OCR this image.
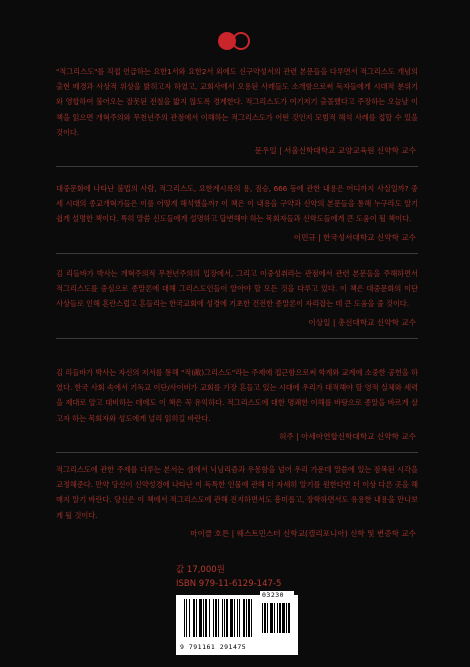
"적그리스도"를 직접 언급하는 요한1서와 요한2서 외에도 신구약성서의 관련 본문들을 다루면서 적그리스도 개념의 출현 배경과 사상적 위상을 밝히고자 하였고, 교회사에서 오용된 사례들도 소개함으로써 독자들에게 시대적 분위기와 영합하여 불어오는 잘못된 전철을 밟지 않도록 경계한다. 적그리스도가 여기저기 출몰했다고 주장하는 오늘날 이 책을 읽으면 개혁주의와 무천년주의 관점에서 이해하는 적그리스도가 어떤 것인지 모범적 해석 사례를 접할 수 있을 것이다.

문우일 | 서울신학대학교 교양교육원 신약학 교수

대중문화에 나타난 불법의 사람, 적그리스도, 요한계시록의 용, 짐승, 666 등에 관한 내용은 어디까지 사실일까? 중세 시대의 종교개혁가들은 이를 어떻게 해석했을까? 이 책은 이 내용을 구약과 신약의 본문들을 통해 누구라도 알기 쉽게 설명한 책이다. 특히 말씀 신도들에게 설명하고 답변해야 하는 목회자들과 신학도들에게 큰 도움이 될 책이다.

이민규 | 한국성서대학교 신약학 교수

김 리들바가 박사는 개혁주의적 무천년주의의 입장에서, 그리고 이중성취라는 관점에서 관련 본문들을 주해하면서 적그리스도를 중심으로 종말론에 대해 그리스도인들이 알아야 할 모든 것을 다루고 있다. 이 책은 대중문화의 이단 사상들로 인해 혼란스럽고 흔들리는 한국교회에 성경에 기초한 건전한 종말론이 자리잡는 데 큰 도움을 줄 것이다.

이상일 | 총신대학교 신약학 교수

김 리들바가 박사는 자신의 저서를 통해 "적(敵)그리스도"라는 주제에 접근함으로써 학계와 교계에 소중한 공헌을 하였다. 한국 사회 속에서 기독교 이단/사이비가 교회를 가장 흔들고 있는 시대에 우리가 대적해야 할 영적 실체와 세력을 제대로 알고 대비하는 데에도 이 책은 꼭 유익하다. 적그리스도에 대한 명쾌한 이해를 바탕으로 종말을 바르게 살고자 하는 목회자와 성도에게 널리 읽히길 바란다.

허주 | 아세아연합신학대학교 신약학 교수

적그리스도에 관한 주제를 다루는 본서는 셈에서 닉님리즘과 우몽함을 넘어 우리 가운데 말씀에 있는 잠복된 시각을 교정해준다. 만약 당신이 신약성경에 나타난 이 독특한 인물에 관해 더 자세히 알기를 원한다면 더 이상 다른 곳을 해매지 말기 바란다. 당신은 이 책에서 적그리스도에 관해 진지하면서도 흥미롭고, 장학하면서도 유용한 내용을 만나보게 될 것이다.

마이클 호튼 | 웨스트민스터 신학교(캘리포니아) 신학 및 변증학 교수
값 17,000원
ISBN 979-11-6129-147-5
9 791161 291475
03230
